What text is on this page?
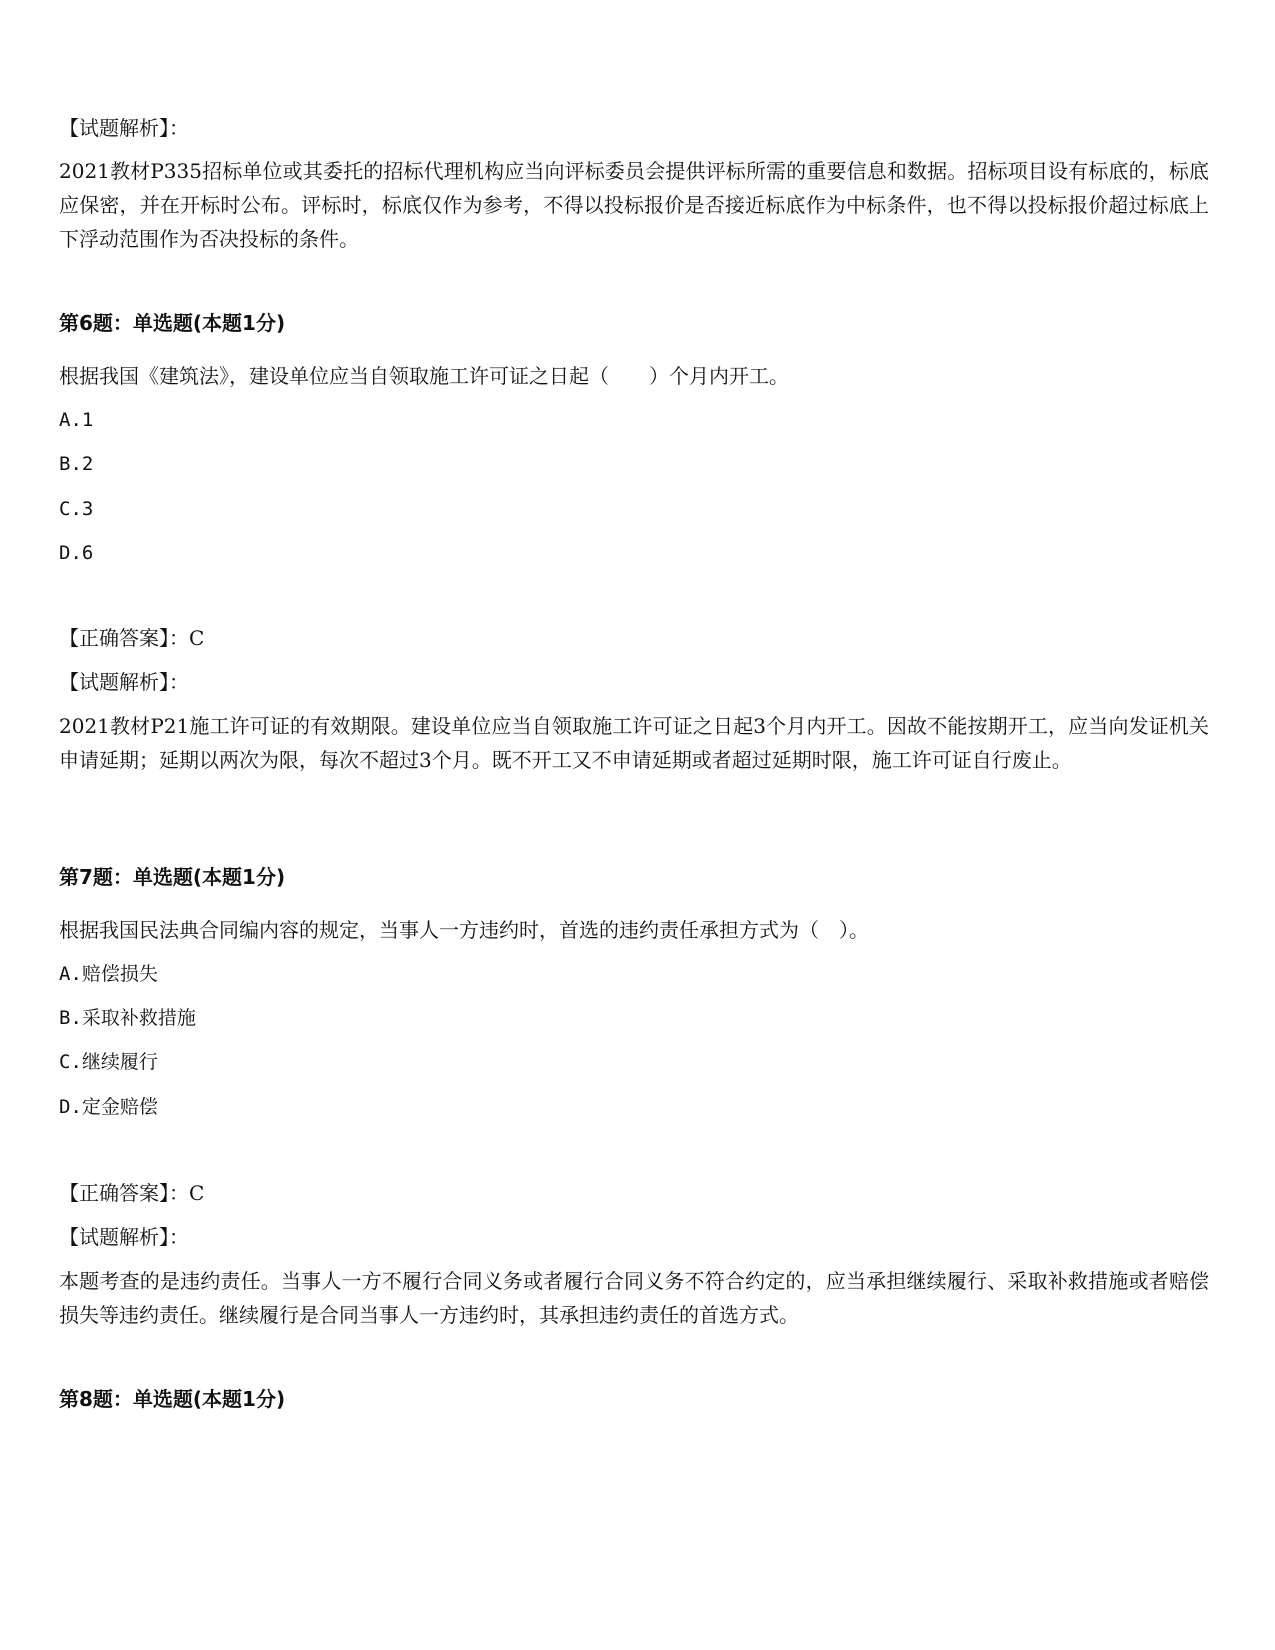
【试题解析】：
2021教材P335招标单位或其委托的招标代理机构应当向评标委员会提供评标所需的重要信息和数据。招标项目设有标底的，标底应保密，并在开标时公布。评标时，标底仅作为参考，不得以投标报价是否接近标底作为中标条件，也不得以投标报价超过标底上下浮动范围作为否决投标的条件。
第6题：单选题(本题1分)
根据我国《建筑法》，建设单位应当自领取施工许可证之日起（　　）个月内开工。
A.1
B.2
C.3
D.6
【正确答案】：C
【试题解析】：
2021教材P21施工许可证的有效期限。建设单位应当自领取施工许可证之日起3个月内开工。因故不能按期开工，应当向发证机关申请延期；延期以两次为限，每次不超过3个月。既不开工又不申请延期或者超过延期时限，施工许可证自行废止。
第7题：单选题(本题1分)
根据我国民法典合同编内容的规定，当事人一方违约时，首选的违约责任承担方式为（　）。
A.赔偿损失
B.采取补救措施
C.继续履行
D.定金赔偿
【正确答案】：C
【试题解析】：
本题考查的是违约责任。当事人一方不履行合同义务或者履行合同义务不符合约定的，应当承担继续履行、采取补救措施或者赔偿损失等违约责任。继续履行是合同当事人一方违约时，其承担违约责任的首选方式。
第8题：单选题(本题1分)
